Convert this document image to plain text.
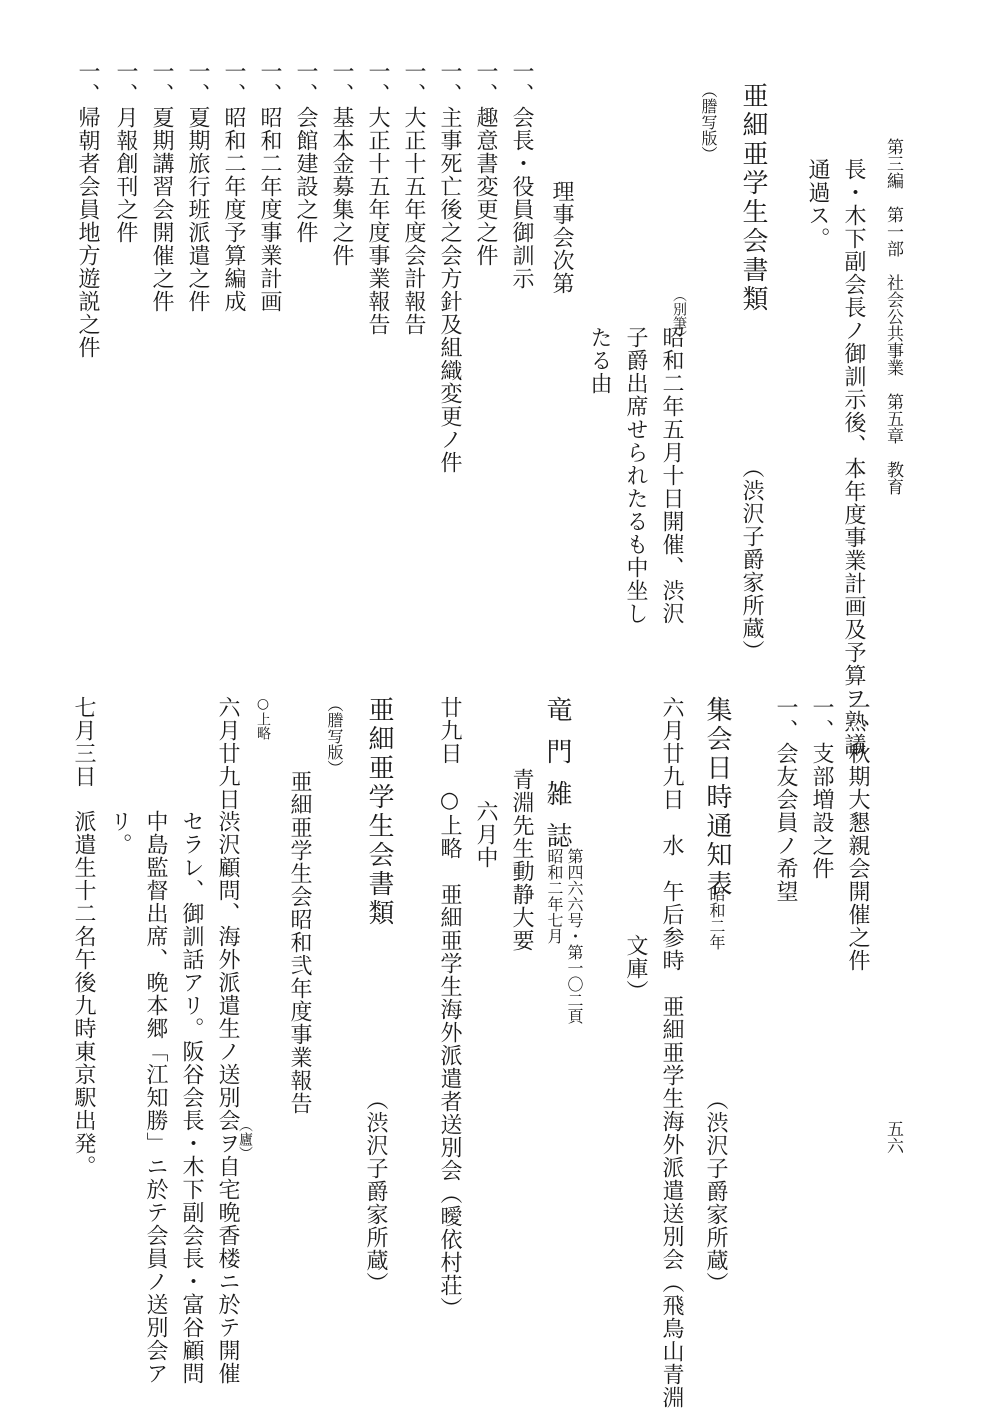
第三編　第一部　社会公共事業　第五章　教育
五六
長・木下副会長ノ御訓示後、本年度事業計画及予算ヲ熟議
通過ス。
亜細亜学生会書類
（渋沢子爵家所蔵）
（謄写版）
（別筆）
昭和二年五月十日開催、渋沢
子爵出席せられたるも中坐し
たる由
理事会次第
一、会長・役員御訓示
一、趣意書変更之件
一、主事死亡後之会方針及組織変更ノ件
一、大正十五年度会計報告
一、大正十五年度事業報告
一、基本金募集之件
一、会館建設之件
一、昭和二年度事業計画
一、昭和二年度予算編成
一、夏期旅行班派遣之件
一、夏期講習会開催之件
一、月報創刊之件
一、帰朝者会員地方遊説之件
一、秋期大懇親会開催之件
一、支部増設之件
一、会友会員ノ希望
集会日時通知表
昭和二年
（渋沢子爵家所蔵）
六月廿九日　水　午后参時　亜細亜学生海外派遣送別会（飛鳥山青淵
文庫）
竜門雑誌
第四六六号・第一〇二頁
昭和二年七月
青淵先生動静大要
六月中
廿九日　○上略　亜細亜学生海外派遣者送別会（曖依村荘）
亜細亜学生会書類
（渋沢子爵家所蔵）
（謄写版）
亜細亜学生会昭和弐年度事業報告
○上略
六月廿九日
渋沢顧問、海外派遣生ノ送別会ヲ自宅晩香楼ニ於テ開催
（廬）
セラレ、御訓話アリ。阪谷会長・木下副会長・富谷顧問
中島監督出席、晩本郷「江知勝」ニ於テ会員ノ送別会ア
リ。
七月三日
派遣生十二名午後九時東京駅出発。
